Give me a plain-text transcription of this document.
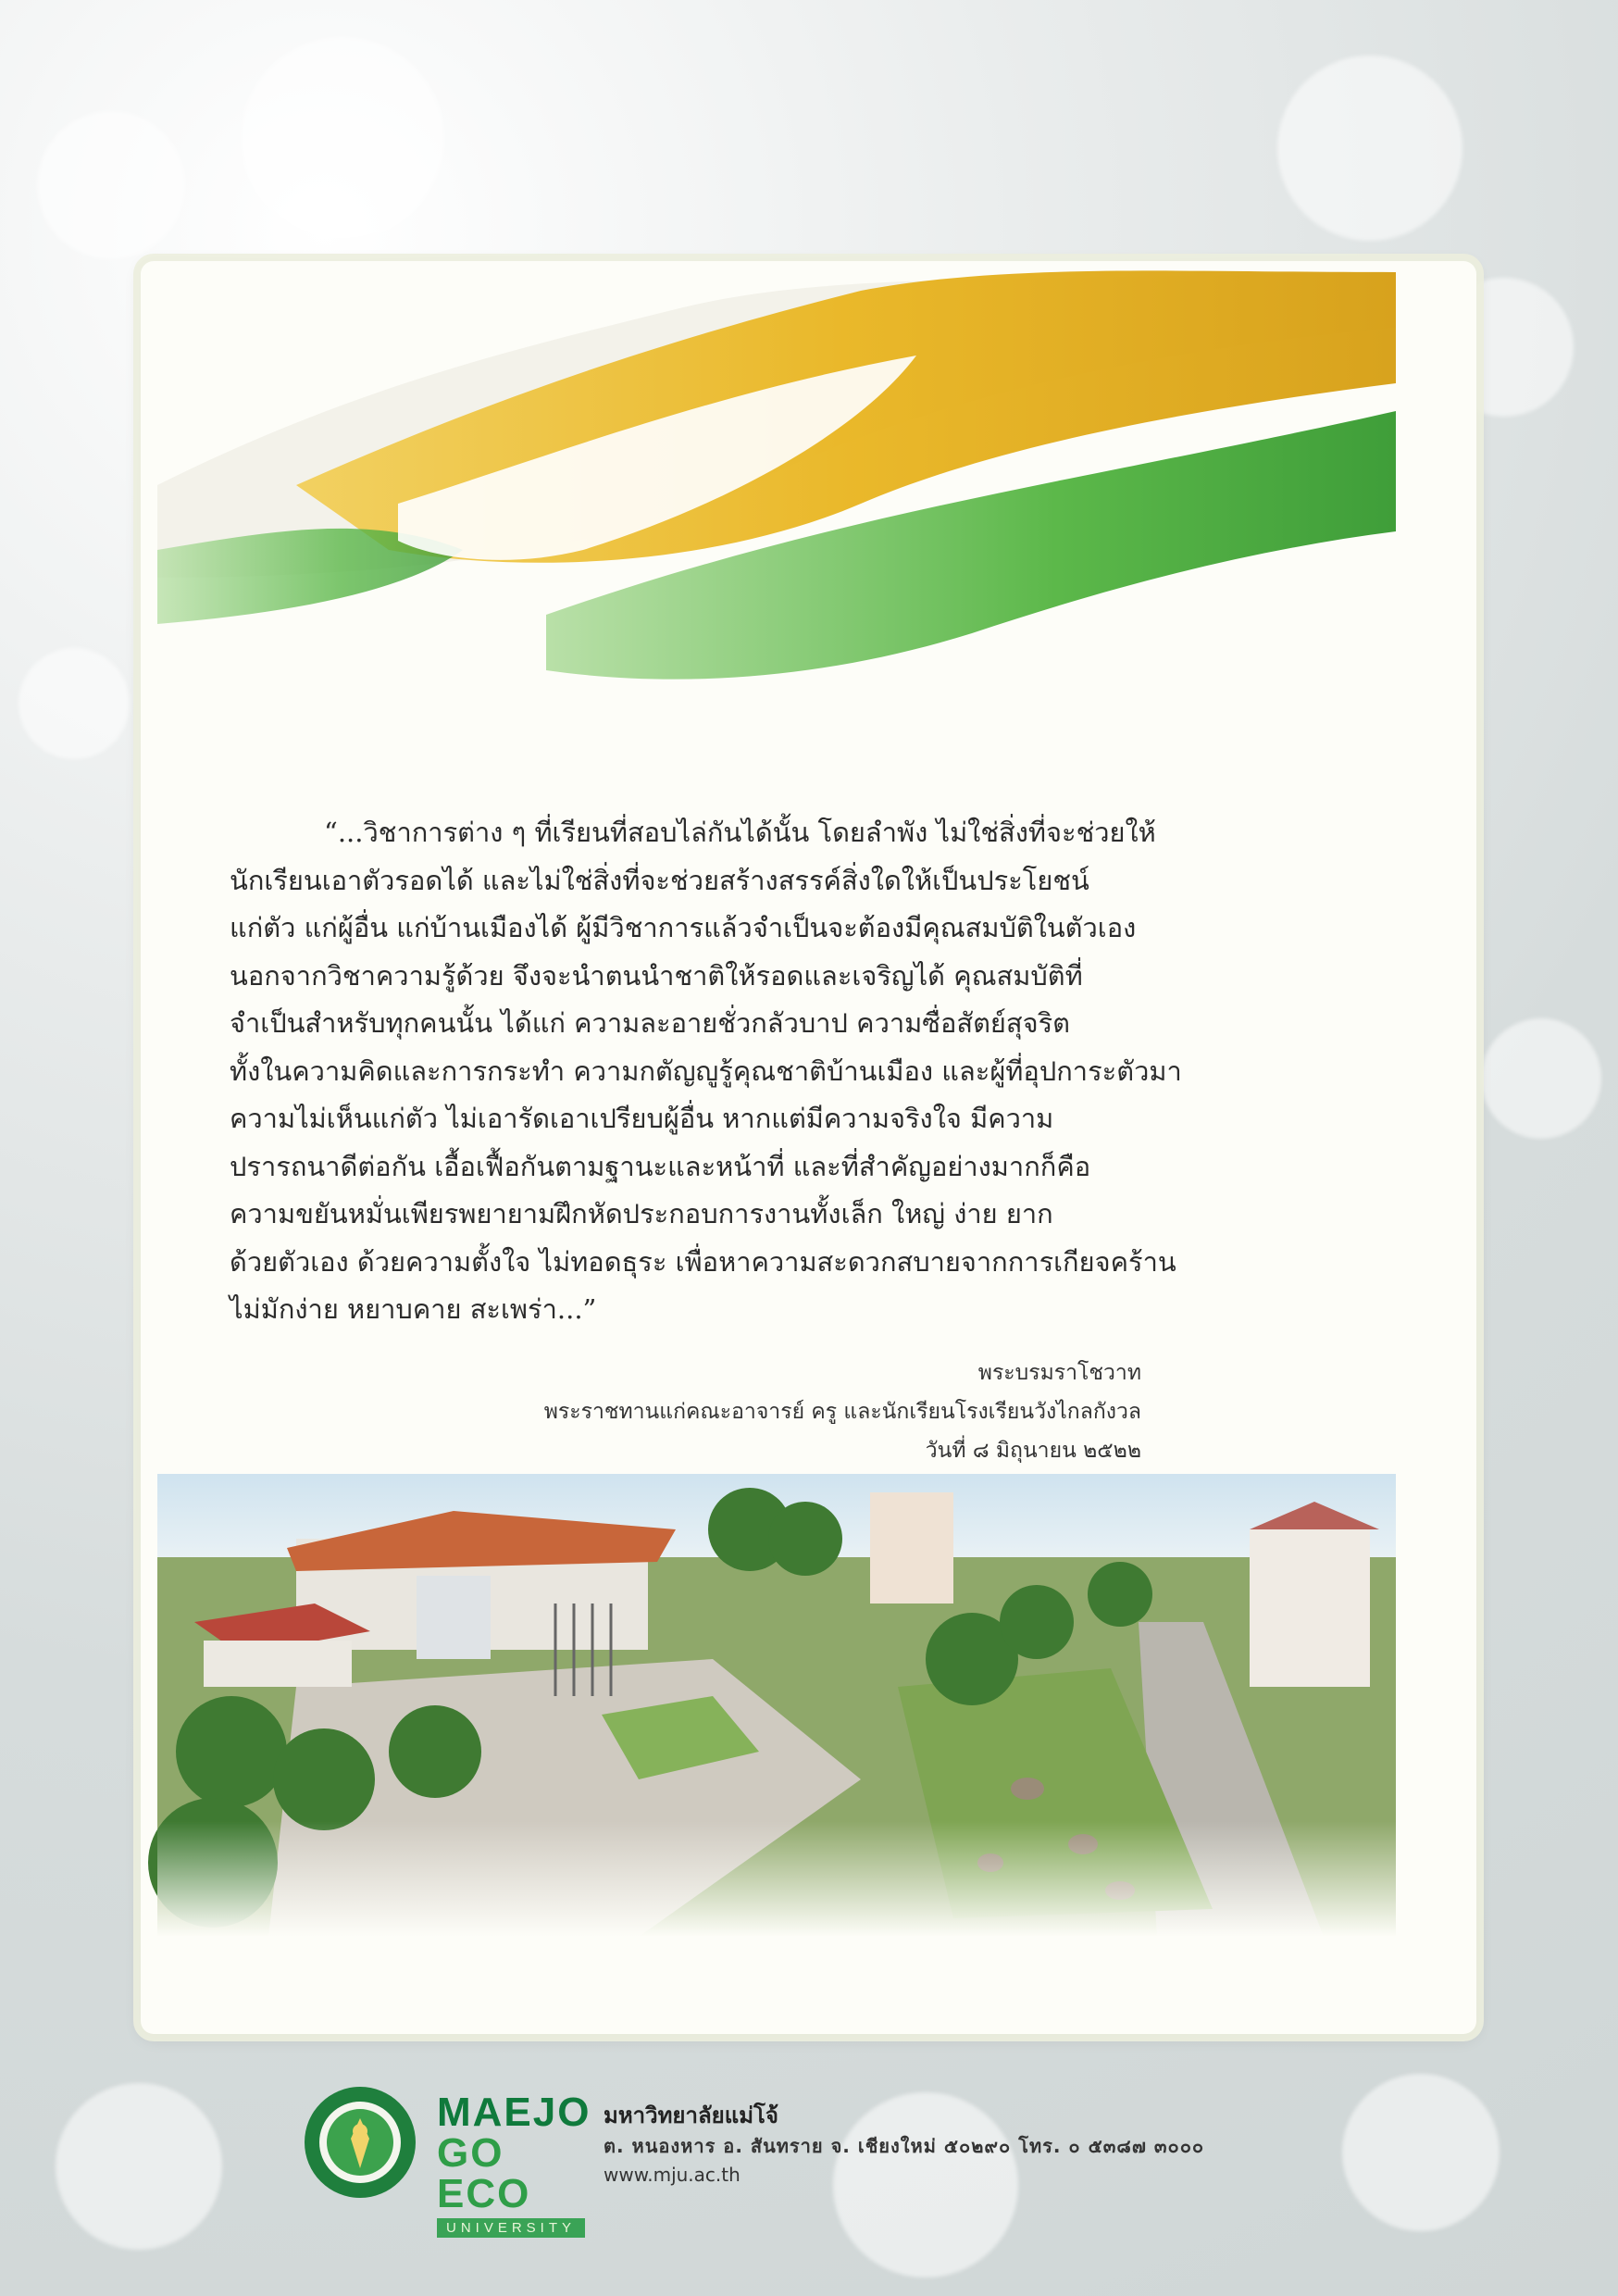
“...วิชาการต่าง ๆ ที่เรียนที่สอบไล่กันได้นั้น โดยลำพัง ไม่ใช่สิ่งที่จะช่วยให้
นักเรียนเอาตัวรอดได้ และไม่ใช่สิ่งที่จะช่วยสร้างสรรค์สิ่งใดให้เป็นประโยชน์
แก่ตัว แก่ผู้อื่น แก่บ้านเมืองได้ ผู้มีวิชาการแล้วจำเป็นจะต้องมีคุณสมบัติในตัวเอง
นอกจากวิชาความรู้ด้วย จึงจะนำตนนำชาติให้รอดและเจริญได้ คุณสมบัติที่
จำเป็นสำหรับทุกคนนั้น ได้แก่ ความละอายชั่วกลัวบาป ความซื่อสัตย์สุจริต
ทั้งในความคิดและการกระทำ ความกตัญญูรู้คุณชาติบ้านเมือง และผู้ที่อุปการะตัวมา
ความไม่เห็นแก่ตัว ไม่เอารัดเอาเปรียบผู้อื่น หากแต่มีความจริงใจ มีความ
ปรารถนาดีต่อกัน เอื้อเฟื้อกันตามฐานะและหน้าที่ และที่สำคัญอย่างมากก็คือ
ความขยันหมั่นเพียรพยายามฝึกหัดประกอบการงานทั้งเล็ก ใหญ่ ง่าย ยาก
ด้วยตัวเอง ด้วยความตั้งใจ ไม่ทอดธุระ เพื่อหาความสะดวกสบายจากการเกียจคร้าน
ไม่มักง่าย หยาบคาย สะเพร่า...”

พระบรมราโชวาท
พระราชทานแก่คณะอาจารย์ ครู และนักเรียนโรงเรียนวังไกลกังวล
วันที่ ๘ มิถุนายน ๒๕๒๒
MAEJO
GO ECO
UNIVERSITY
มหาวิทยาลัยแม่โจ้
ต. หนองหาร อ. สันทราย จ. เชียงใหม่ ๕๐๒๙๐ โทร. ๐ ๕๓๘๗ ๓๐๐๐
www.mju.ac.th
